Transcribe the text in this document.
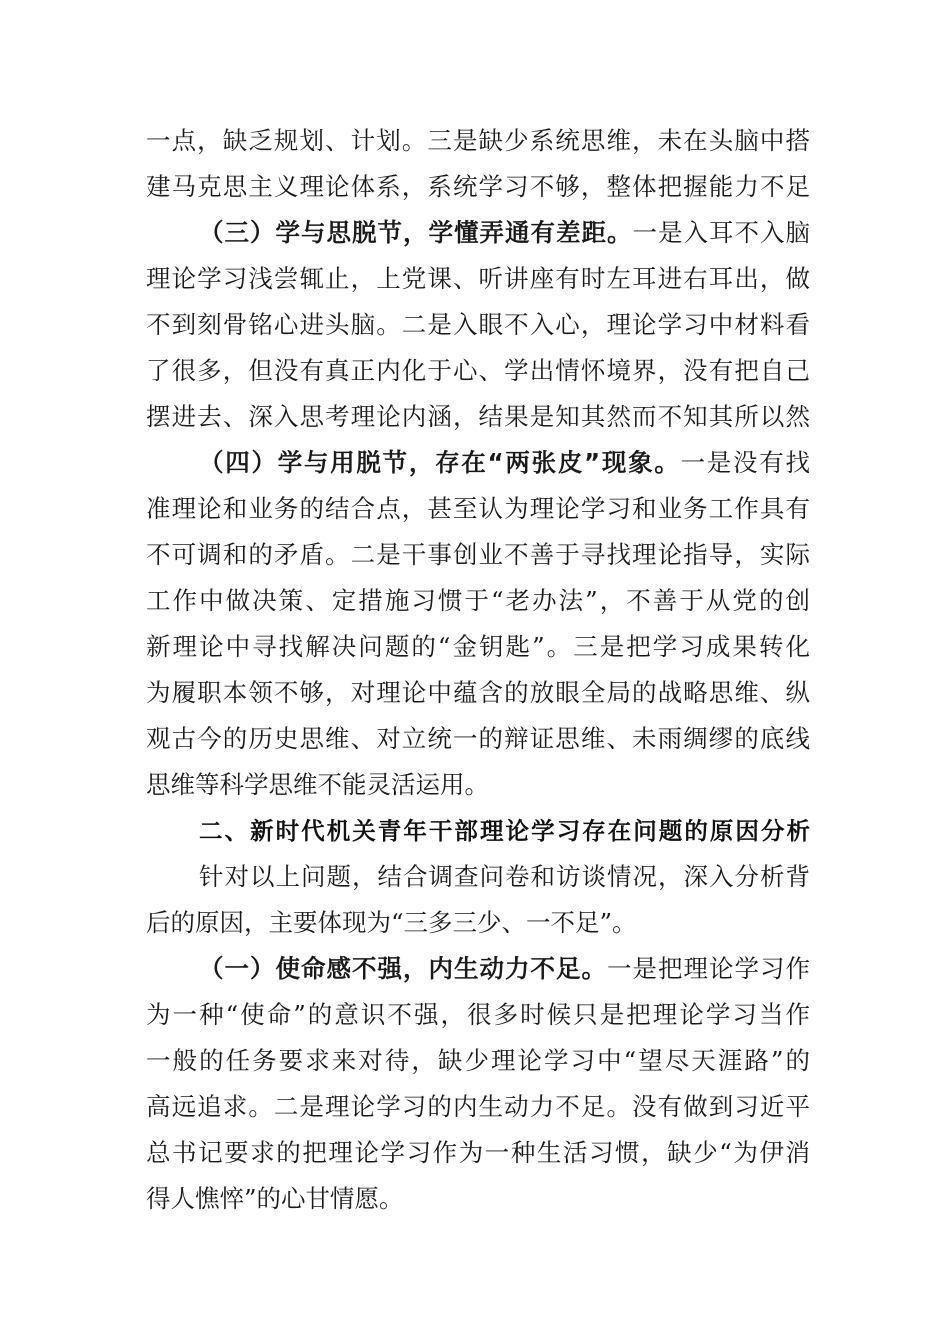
一点，缺乏规划、计划。三是缺少系统思维，未在头脑中搭
建马克思主义理论体系，系统学习不够，整体把握能力不足
（三）学与思脱节，学懂弄通有差距。一是入耳不入脑
理论学习浅尝辄止，上党课、听讲座有时左耳进右耳出，做
不到刻骨铭心进头脑。二是入眼不入心，理论学习中材料看
了很多，但没有真正内化于心、学出情怀境界，没有把自己
摆进去、深入思考理论内涵，结果是知其然而不知其所以然
（四）学与用脱节，存在“两张皮”现象。一是没有找
准理论和业务的结合点，甚至认为理论学习和业务工作具有
不可调和的矛盾。二是干事创业不善于寻找理论指导，实际
工作中做决策、定措施习惯于“老办法”，不善于从党的创
新理论中寻找解决问题的“金钥匙”。三是把学习成果转化
为履职本领不够，对理论中蕴含的放眼全局的战略思维、纵
观古今的历史思维、对立统一的辩证思维、未雨绸缪的底线
思维等科学思维不能灵活运用。
二、新时代机关青年干部理论学习存在问题的原因分析
针对以上问题，结合调查问卷和访谈情况，深入分析背
后的原因，主要体现为“三多三少、一不足”。
（一）使命感不强，内生动力不足。一是把理论学习作
为一种“使命”的意识不强，很多时候只是把理论学习当作
一般的任务要求来对待，缺少理论学习中“望尽天涯路”的
高远追求。二是理论学习的内生动力不足。没有做到习近平
总书记要求的把理论学习作为一种生活习惯，缺少“为伊消
得人憔悴”的心甘情愿。
